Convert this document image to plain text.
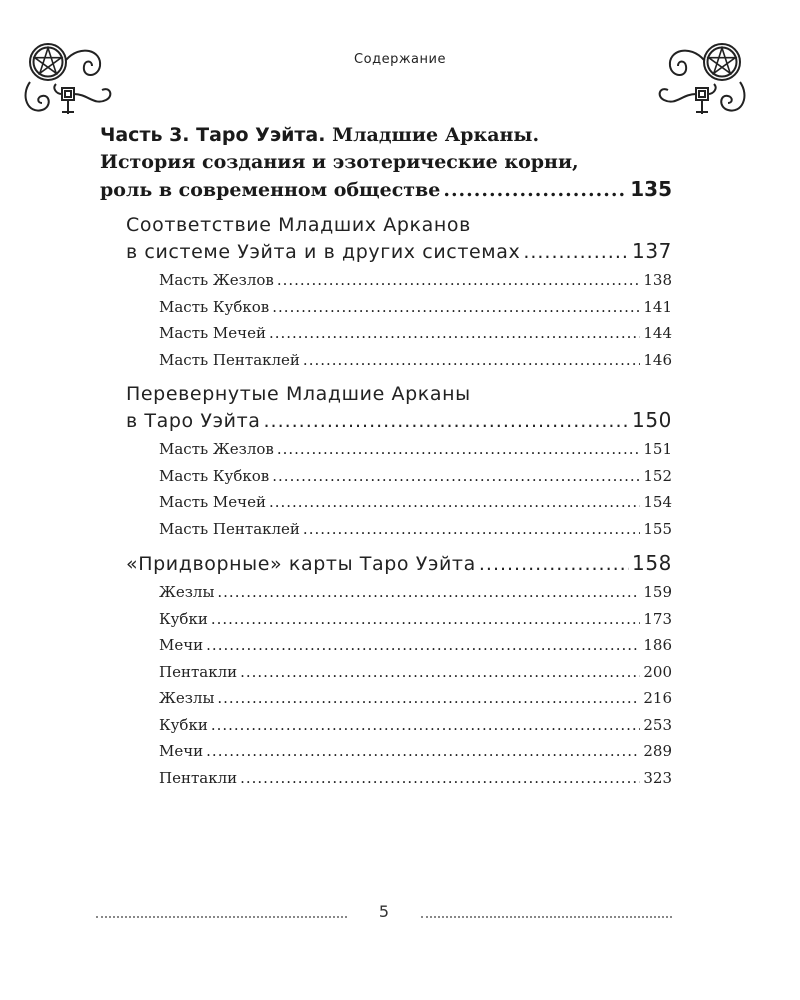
Содержание
Часть 3. Таро Уэйта. Младшие Арканы.
История создания и эзотерические корни,
роль в современном обществе .....	135
Соответствие Младших Арканов
в системе Уэйта и в других системах .....	137
Масть Жезлов .....	138
Масть Кубков .....	141
Масть Мечей .....	144
Масть Пентаклей .....	146
Перевернутые Младшие Арканы
в Таро Уэйта .....	150
Масть Жезлов .....	151
Масть Кубков .....	152
Масть Мечей .....	154
Масть Пентаклей .....	155
«Придворные» карты Таро Уэйта .....	158
Жезлы .....	159
Кубки .....	173
Мечи .....	186
Пентакли .....	200
Жезлы .....	216
Кубки .....	253
Мечи .....	289
Пентакли .....	323
5
